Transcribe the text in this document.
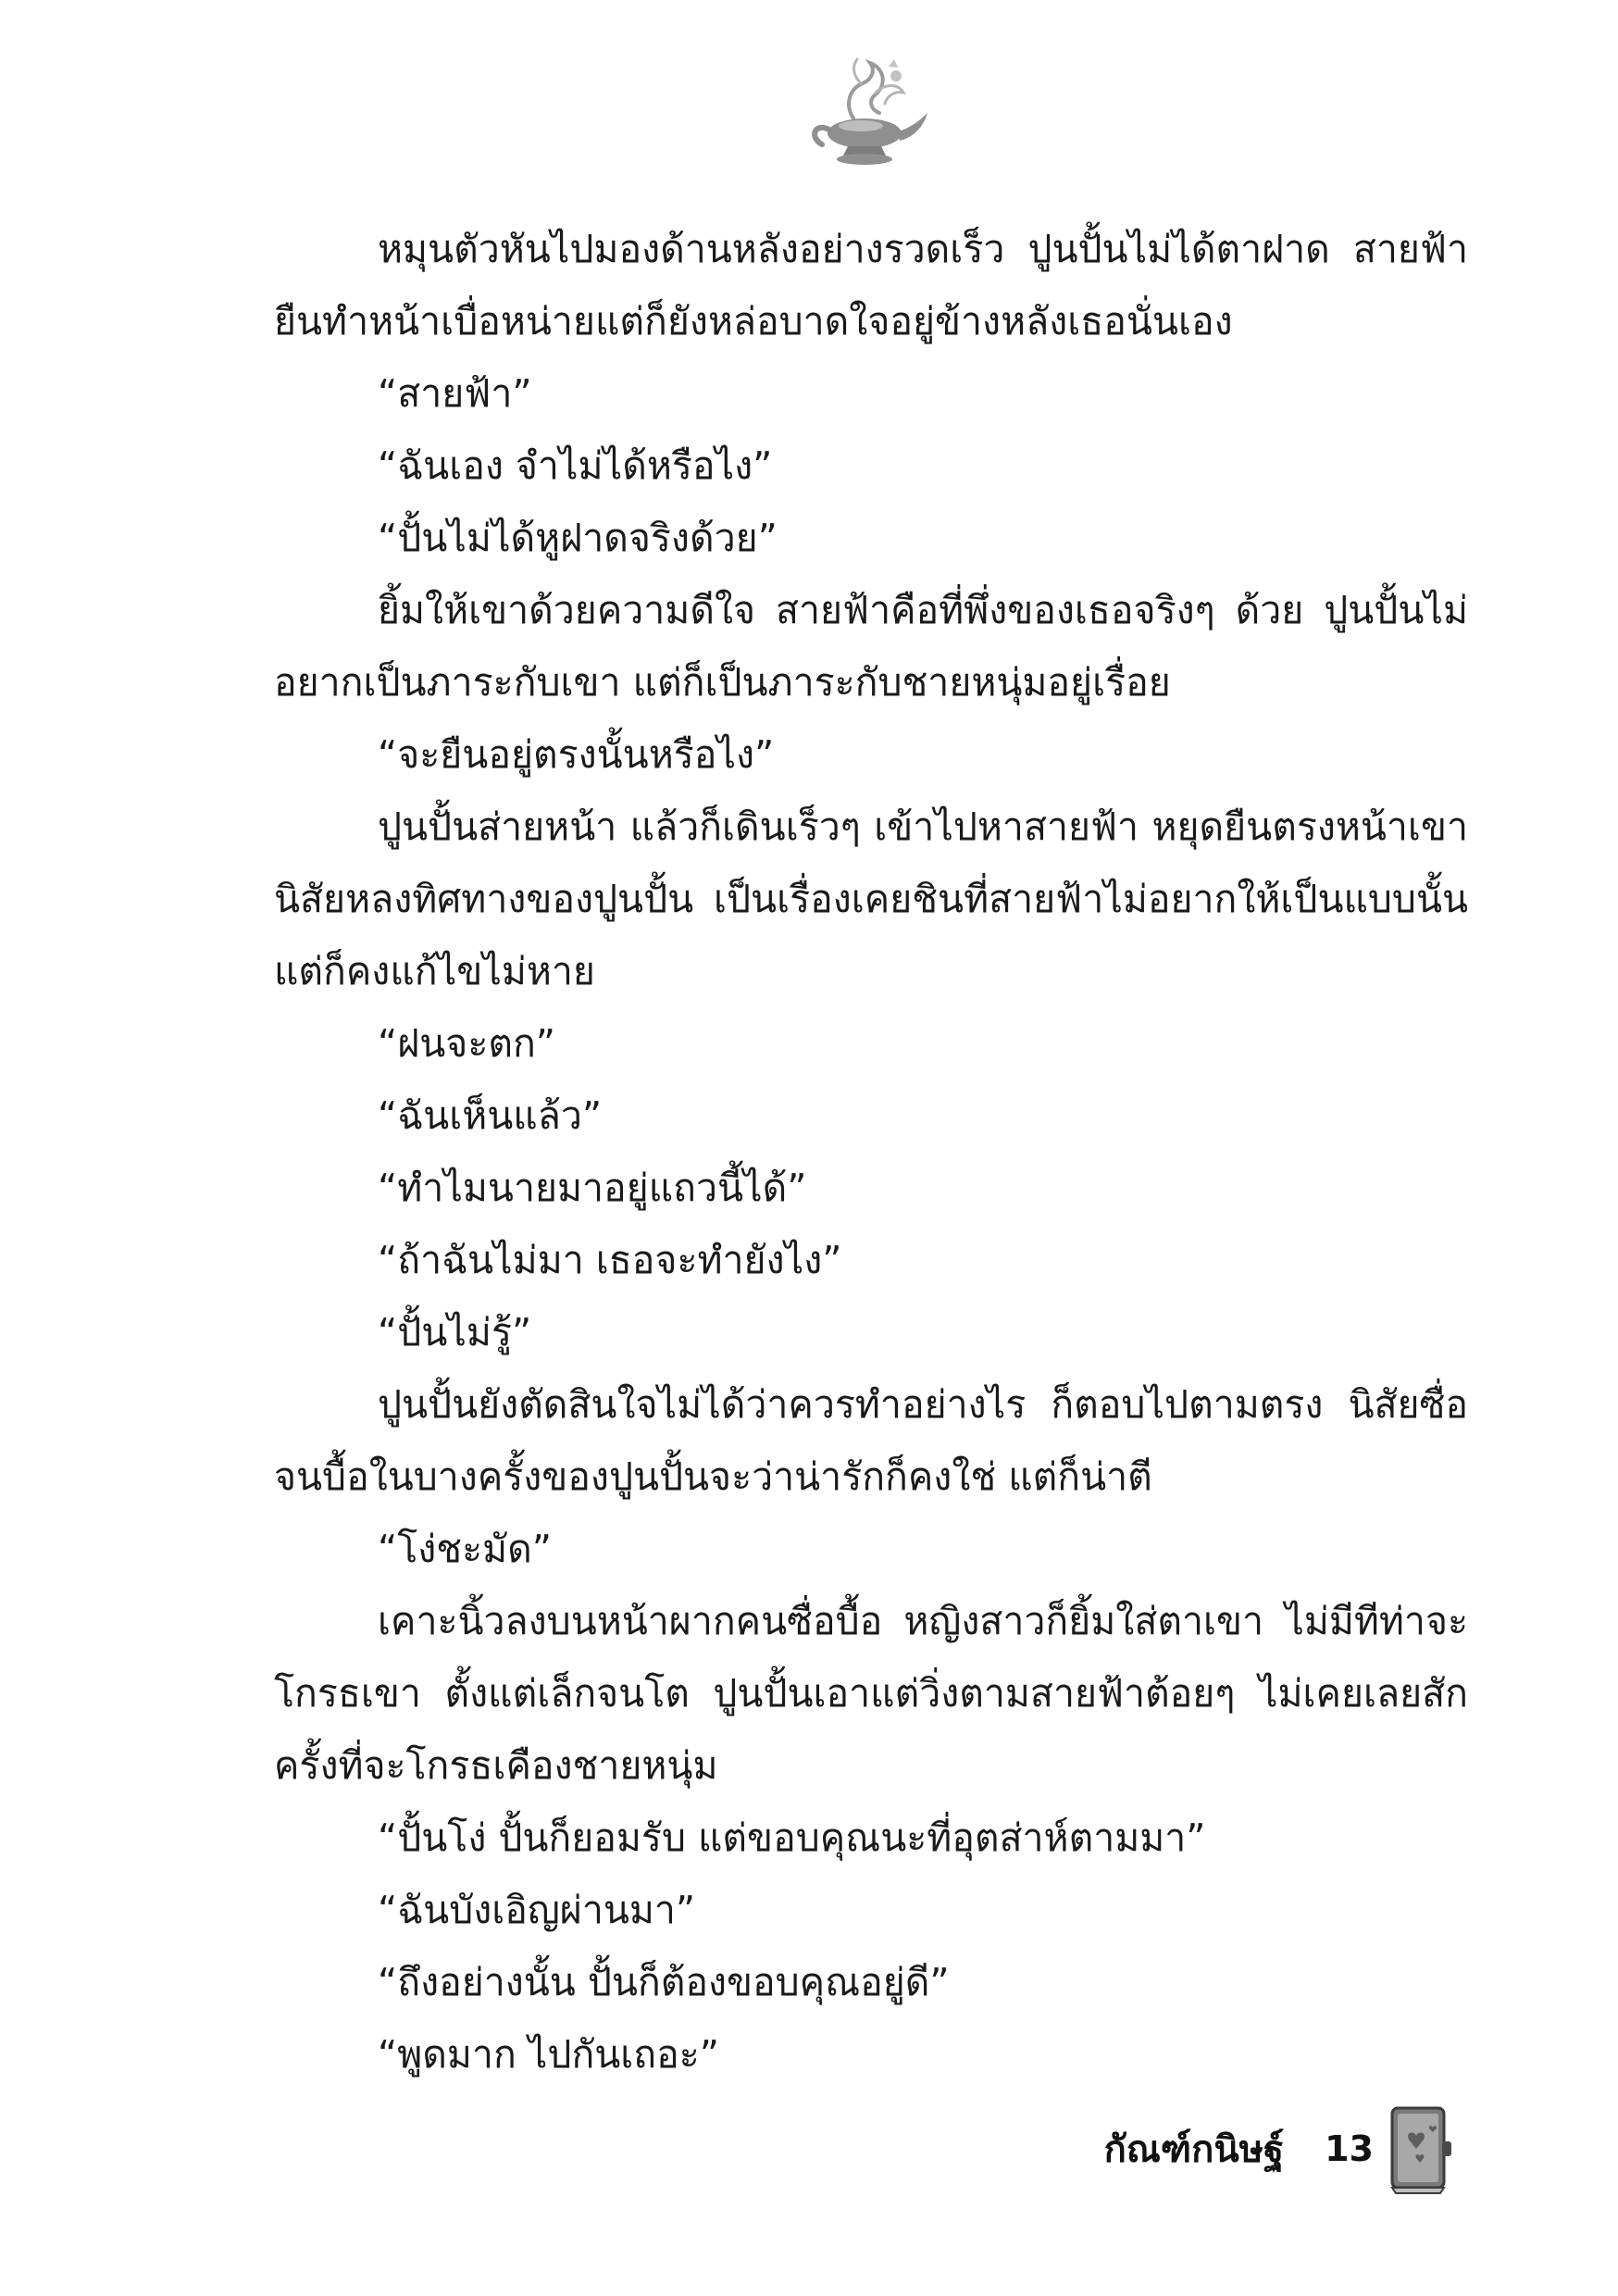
หมุนตัวหันไปมองด้านหลังอย่างรวดเร็ว ปูนปั้นไม่ได้ตาฝาด สายฟ้ายืนทำหน้าเบื่อหน่ายแต่ก็ยังหล่อบาดใจอยู่ข้างหลังเธอนั่นเอง

“สายฟ้า”

“ฉันเอง จำไม่ได้หรือไง”

“ปั้นไม่ได้หูฝาดจริงด้วย”

ยิ้มให้เขาด้วยความดีใจ สายฟ้าคือที่พึ่งของเธอจริงๆ ด้วย ปูนปั้นไม่อยากเป็นภาระกับเขา แต่ก็เป็นภาระกับชายหนุ่มอยู่เรื่อย

“จะยืนอยู่ตรงนั้นหรือไง”

ปูนปั้นส่ายหน้า แล้วก็เดินเร็วๆ เข้าไปหาสายฟ้า หยุดยืนตรงหน้าเขา นิสัยหลงทิศทางของปูนปั้น เป็นเรื่องเคยชินที่สายฟ้าไม่อยากให้เป็นแบบนั้น แต่ก็คงแก้ไขไม่หาย

“ฝนจะตก”

“ฉันเห็นแล้ว”

“ทำไมนายมาอยู่แถวนี้ได้”

“ถ้าฉันไม่มา เธอจะทำยังไง”

“ปั้นไม่รู้”

ปูนปั้นยังตัดสินใจไม่ได้ว่าควรทำอย่างไร ก็ตอบไปตามตรง นิสัยซื่อจนบื้อในบางครั้งของปูนปั้นจะว่าน่ารักก็คงใช่ แต่ก็น่าตี

“โง่ชะมัด”

เคาะนิ้วลงบนหน้าผากคนซื่อบื้อ หญิงสาวก็ยิ้มใส่ตาเขา ไม่มีทีท่าจะโกรธเขา ตั้งแต่เล็กจนโต ปูนปั้นเอาแต่วิ่งตามสายฟ้าต้อยๆ ไม่เคยเลยสักครั้งที่จะโกรธเคืองชายหนุ่ม

“ปั้นโง่ ปั้นก็ยอมรับ แต่ขอบคุณนะที่อุตส่าห์ตามมา”

“ฉันบังเอิญผ่านมา”

“ถึงอย่างนั้น ปั้นก็ต้องขอบคุณอยู่ดี”

“พูดมาก ไปกันเถอะ”

กัณฑ์กนิษฐ์ 13
